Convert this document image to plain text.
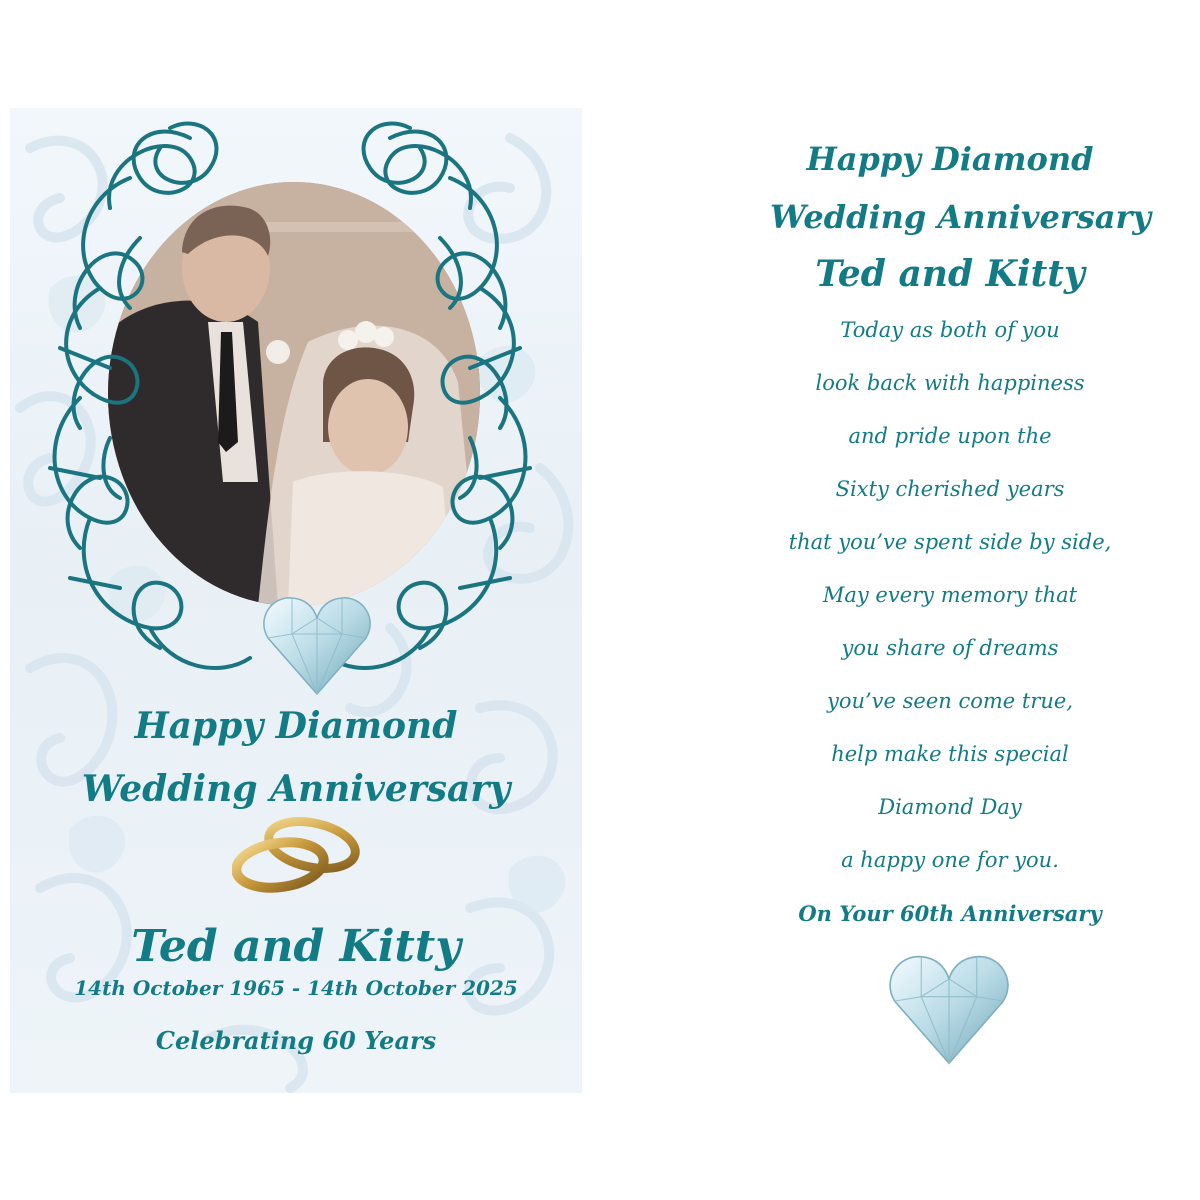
Happy Diamond
Wedding Anniversary
Ted and Kitty
14th October 1965 - 14th October 2025
Celebrating 60 Years
Happy Diamond
Wedding Anniversary
Ted and Kitty
Today as both of you
look back with happiness
and pride upon the
Sixty cherished years
that you’ve spent side by side,
May every memory that
you share of dreams
you’ve seen come true,
help make this special
Diamond Day
a happy one for you.
On Your 60th Anniversary
